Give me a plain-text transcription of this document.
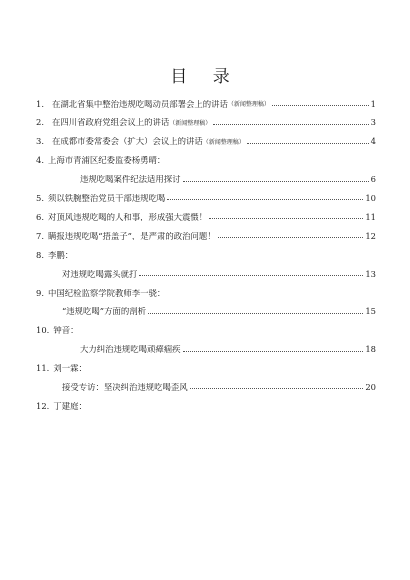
目 录
1. 在湖北省集中整治违规吃喝动员部署会上的讲话 （新闻整理稿）	1
2. 在四川省政府党组会议上的讲话 （新闻整理稿）	3
3. 在成都市委常委会（扩大）会议上的讲话 （新闻整理稿）	4
4. 上海市青浦区纪委监委杨勇晴：
违规吃喝案件纪法适用探讨	6
5. 须以铁腕整治党员干部违规吃喝	10
6. 对顶风违规吃喝的人和事，形成强大震慑！	11
7. 瞒报违规吃喝“捂盖子”，是严肃的政治问题！	12
8. 李鹏：
对违规吃喝露头就打	13
9. 中国纪检监察学院教师李一骁：
“违规吃喝”方面的剖析	15
10. 钟音：
大力纠治违规吃喝顽瘴痼疾	18
11. 刘一霖：
接受专访：坚决纠治违规吃喝歪风	20
12. 丁建庭：
